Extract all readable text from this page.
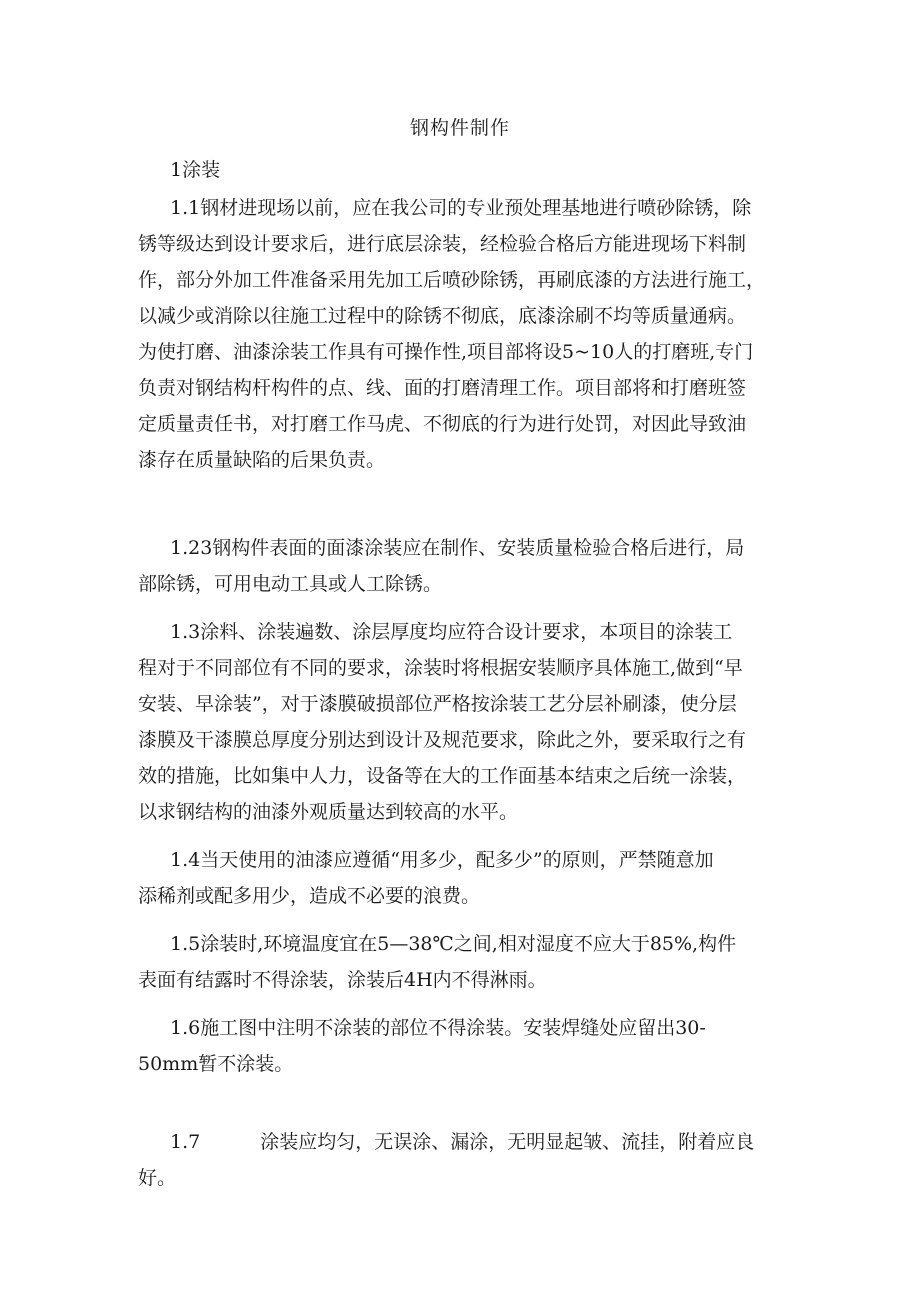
钢构件制作
1涂装
1.1钢材进现场以前，应在我公司的专业预处理基地进行喷砂除锈，除
锈等级达到设计要求后，进行底层涂装，经检验合格后方能进现场下料制
作，部分外加工件准备采用先加工后喷砂除锈，再刷底漆的方法进行施工，
以减少或消除以往施工过程中的除锈不彻底，底漆涂刷不均等质量通病。
为使打磨、油漆涂装工作具有可操作性,项目部将设5~10人的打磨班,专门
负责对钢结构杆构件的点、线、面的打磨清理工作。项目部将和打磨班签
定质量责任书，对打磨工作马虎、不彻底的行为进行处罚，对因此导致油
漆存在质量缺陷的后果负责。
1.23钢构件表面的面漆涂装应在制作、安装质量检验合格后进行，局
部除锈，可用电动工具或人工除锈。
1.3涂料、涂装遍数、涂层厚度均应符合设计要求，本项目的涂装工
程对于不同部位有不同的要求，涂装时将根据安装顺序具体施工,做到“早
安装、早涂装”，对于漆膜破损部位严格按涂装工艺分层补刷漆，使分层
漆膜及干漆膜总厚度分别达到设计及规范要求，除此之外，要采取行之有
效的措施，比如集中人力，设备等在大的工作面基本结束之后统一涂装，
以求钢结构的油漆外观质量达到较高的水平。
1.4当天使用的油漆应遵循“用多少，配多少”的原则，严禁随意加
添稀剂或配多用少，造成不必要的浪费。
1.5涂装时,环境温度宜在5—38℃之间,相对湿度不应大于85%,构件
表面有结露时不得涂装，涂装后4H内不得淋雨。
1.6施工图中注明不涂装的部位不得涂装。安装焊缝处应留出30-
50mm暂不涂装。
1.7	涂装应均匀，无误涂、漏涂，无明显起皱、流挂，附着应良
好。
